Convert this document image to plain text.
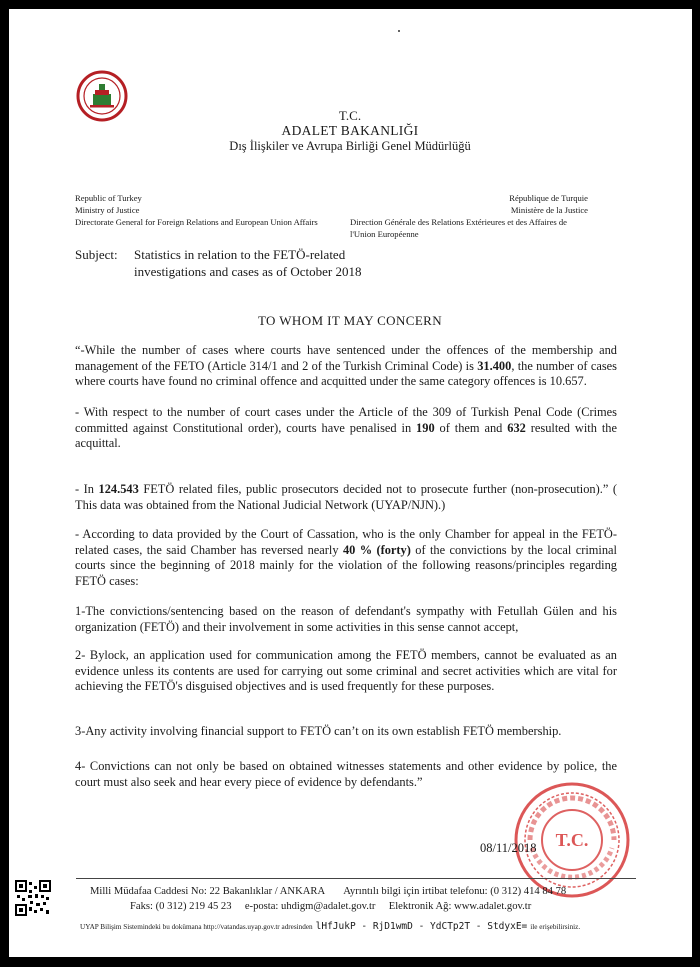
T.C.
ADALET BAKANLIĞI
Dış İlişkiler ve Avrupa Birliği Genel Müdürlüğü
Republic of Turkey
Ministry of Justice
Directorate General for Foreign Relations and European Union Affairs
République de Turquie
Ministère de la Justice
Direction Générale des Relations Extérieures et des Affaires de
l'Union Européenne
Subject: Statistics in relation to the FETÖ-related
investigations and cases as of October 2018
TO WHOM IT MAY CONCERN
“-While the number of cases where courts have sentenced under the offences of the membership and management of the FETO (Article 314/1 and 2 of the Turkish Criminal Code) is 31.400, the number of cases where courts have found no criminal offence and acquitted under the same category offences is 10.657.
- With respect to the number of court cases under the Article of the 309 of Turkish Penal Code (Crimes committed against Constitutional order), courts have penalised in 190 of them and 632 resulted with the acquittal.
- In 124.543 FETÖ related files, public prosecutors decided not to prosecute further (non-prosecution).” ( This data was obtained from the National Judicial Network (UYAP/NJN).)
- According to data provided by the Court of Cassation, who is the only Chamber for appeal in the FETÖ-related cases, the said Chamber has reversed nearly 40 % (forty) of the convictions by the local criminal courts since the beginning of 2018 mainly for the violation of the following reasons/principles regarding FETÖ cases:
1-The convictions/sentencing based on the reason of defendant's sympathy with Fetullah Gülen and his organization (FETÖ) and their involvement in some activities in this sense cannot accept,
2- Bylock, an application used for communication among the FETÖ members, cannot be evaluated as an evidence unless its contents are used for carrying out some criminal and secret activities which are vital for achieving the FETÖ's disguised objectives and is used frequently for these purposes.
3-Any activity involving financial support to FETÖ can’t on its own establish FETÖ membership.
4- Convictions can not only be based on obtained witnesses statements and other evidence by police, the court must also seek and hear every piece of evidence by defendants.”
T.C.
08/11/2018
Milli Müdafaa Caddesi No: 22 Bakanlıklar / ANKARA Ayrıntılı bilgi için irtibat telefonu: (0 312) 414 84 78
Faks: (0 312) 219 45 23 e-posta: uhdigm@adalet.gov.tr Elektronik Ağ: www.adalet.gov.tr
UYAP Bilişim Sistemindeki bu dokümana http://vatandas.uyap.gov.tr adresinden lHfJukP - RjD1wmD - YdCTp2T - StdyxE= ile erişebilirsiniz.
